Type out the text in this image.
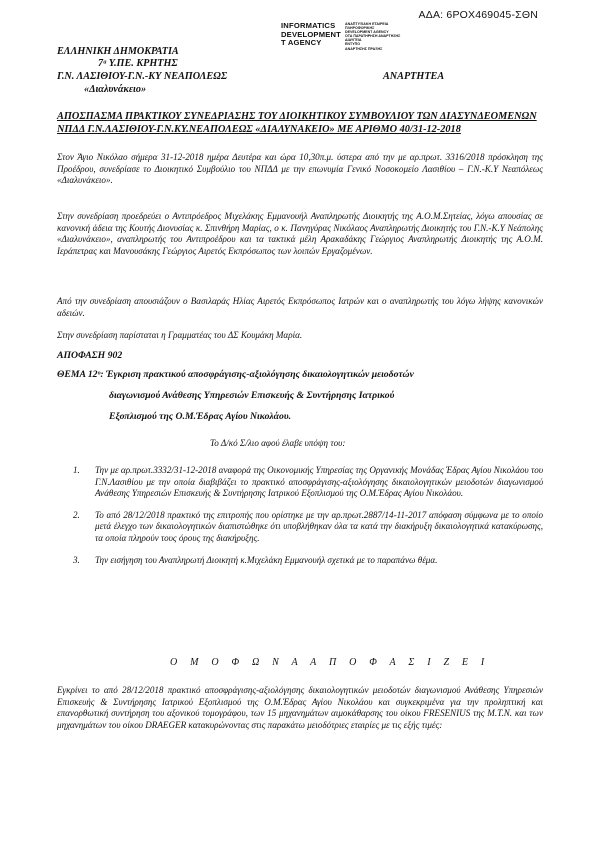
ΑΔΑ: 6ΡΟΧ469045-ΣΘΝ
INFORMATICS
DEVELOPMENT
T AGENCY
ΑΝΑΠΤΥΞΙΑΚΗ ΕΤΑΙΡΕΙΑ
ΠΛΗΡΟΦΟΡΙΚΗΣ
DEVELOPMENT AGENCY
ΟΤΑ ΠΑΡΑΤΗΡΗΣΗ ΑΝΑΡΤΗΣΗΣ
ΔΙΑΥΓΕΙΑ
ΕΝΤΥΠΟ
ΑΝΑΡΤΗΣΗΣ ΠΡΑΞΗΣ
ΕΛΛΗΝΙΚΗ ΔΗΜΟΚΡΑΤΙΑ
7ᵃ Υ.ΠΕ. ΚΡΗΤΗΣ
Γ.Ν. ΛΑΣΙΘΙΟΥ-Γ.Ν.-ΚΥ ΝΕΑΠΟΛΕΩΣ	ΑΝΑΡΤΗΤΕΑ
«Διαλυνάκειο»
ΑΠΟΣΠΑΣΜΑ ΠΡΑΚΤΙΚΟΥ ΣΥΝΕΔΡΙΑΣΗΣ ΤΟΥ ΔΙΟΙΚΗΤΙΚΟΥ ΣΥΜΒΟΥΛΙΟΥ ΤΩΝ ΔΙΑΣΥΝΔΕΟΜΕΝΩΝ ΝΠΔΔ Γ.Ν.ΛΑΣΙΘΙΟΥ-Γ.Ν.ΚΥ.ΝΕΑΠΟΛΕΩΣ «ΔΙΑΛΥΝΑΚΕΙΟ» ΜΕ ΑΡΙΘΜΟ 40/31-12-2018
Στον Άγιο Νικόλαο σήμερα 31-12-2018 ημέρα Δευτέρα και ώρα 10,30π.μ. ύστερα από την με αρ.πρωτ. 3316/2018 πρόσκληση της Προέδρου, συνεδρίασε το Διοικητικό Συμβούλιο του ΝΠΔΔ με την επωνυμία Γενικό Νοσοκομείο Λασιθίου – Γ.Ν.-Κ.Υ Νεαπόλεως «Διαλυνάκειο».
Στην συνεδρίαση προεδρεύει ο Αντιπρόεδρος Μιχελάκης Εμμανουήλ Αναπληρωτής Διοικητής της Α.Ο.Μ.Σητείας, λόγω απουσίας σε κανονική άδεια της Κουτής Διονυσίας κ. Σπινθήρη Μαρίας, ο κ. Πανηγύρας Νικόλαος Αναπληρωτής Διοικητής του Γ.Ν.-Κ.Υ Νεάπολης «Διαλυνάκειο», αναπληρωτής του Αντιπροέδρου και τα τακτικά μέλη Αρακαδάκης Γεώργιος Αναπληρωτής Διοικητής της Α.Ο.Μ. Ιεράπετρας και Μανουσάκης Γεώργιος Αιρετός Εκπρόσωπος των λοιπών Εργαζομένων.
Από την συνεδρίαση απουσιάζουν ο Βασιλαράς Ηλίας Αιρετός Εκπρόσωπος Ιατρών και ο αναπληρωτής του λόγω λήψης κανονικών αδειών.
Στην συνεδρίαση παρίσταται η Γραμματέας του ΔΣ Κουμάκη Μαρία.
ΑΠΟΦΑΣΗ 902
ΘΕΜΑ 12ᵒ: Έγκριση πρακτικού αποσφράγισης-αξιολόγησης δικαιολογητικών μειοδοτών
διαγωνισμού Ανάθεσης Υπηρεσιών Επισκευής & Συντήρησης Ιατρικού
Εξοπλισμού της Ο.Μ.Έδρας Αγίου Νικολάου.
Το Δ/κό Σ/λιο αφού έλαβε υπόψη του:
1.	Την με αρ.πρωτ.3332/31-12-2018 αναφορά της Οικονομικής Υπηρεσίας της Οργανικής Μονάδας Έδρας Αγίου Νικολάου του Γ.Ν.Λασιθίου με την οποία διαβιβάζει το πρακτικό αποσφράγισης-αξιολόγησης δικαιολογητικών μειοδοτών διαγωνισμού Ανάθεσης Υπηρεσιών Επισκευής & Συντήρησης Ιατρικού Εξοπλισμού της Ο.Μ.Έδρας Αγίου Νικολάου.
2.	Το από 28/12/2018 πρακτικό της επιτροπής που ορίστηκε με την αρ.πρωτ.2887/14-11-2017 απόφαση σύμφωνα με το οποίο μετά έλεγχο των δικαιολογητικών διαπιστώθηκε ότι υποβλήθηκαν όλα τα κατά την διακήρυξη δικαιολογητικά κατακύρωσης, τα οποία πληρούν τους όρους της διακήρυξης.
3.	Την εισήγηση του Αναπληρωτή Διοικητή κ.Μιχελάκη Εμμανουήλ σχετικά με το παραπάνω θέμα.
Ο Μ Ο Φ Ω Ν Α Α Π Ο Φ Α Σ Ι Ζ Ε Ι
Εγκρίνει το από 28/12/2018 πρακτικό αποσφράγισης-αξιολόγησης δικαιολογητικών μειοδοτών διαγωνισμού Ανάθεσης Υπηρεσιών Επισκευής & Συντήρησης Ιατρικού Εξοπλισμού της Ο.Μ.Έδρας Αγίου Νικολάου και συγκεκριμένα για την προληπτική και επανορθωτική συντήρηση του αξονικού τομογράφου, των 15 μηχανημάτων αιμοκάθαρσης του οίκου FRESENIUS της Μ.Τ.Ν. και των μηχανημάτων του οίκου DRAEGER κατακυρώνοντας στις παρακάτω μειοδότριες εταιρίες με τις εξής τιμές:
